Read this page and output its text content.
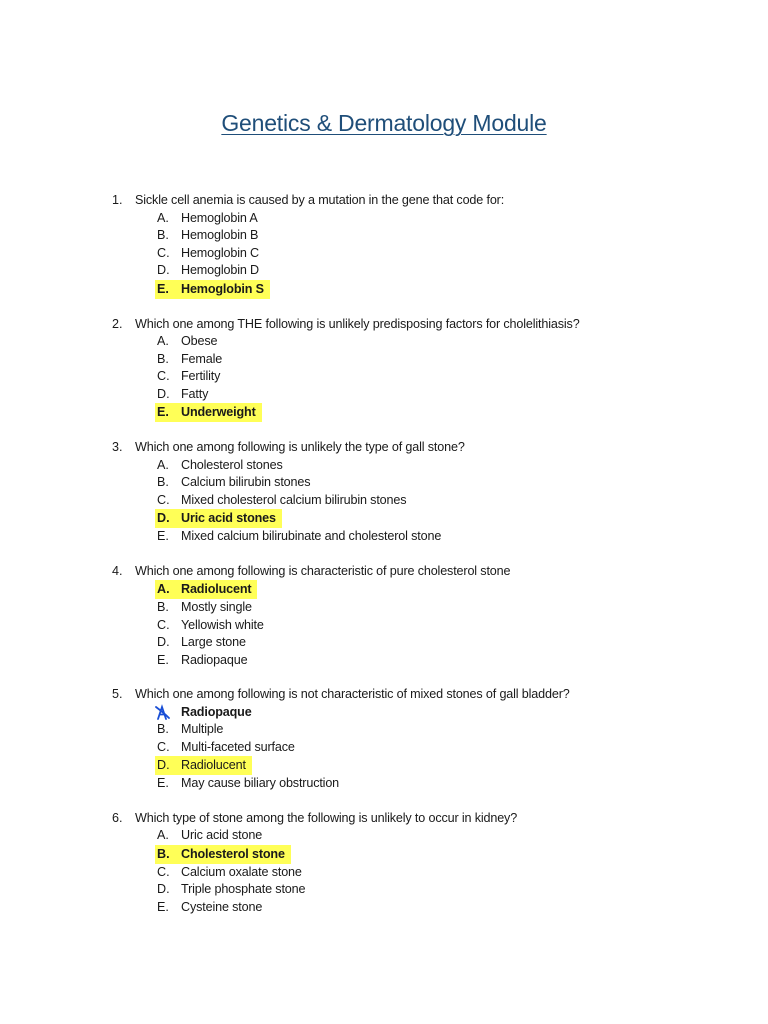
Genetics & Dermatology Module
1. Sickle cell anemia is caused by a mutation in the gene that code for:
A. Hemoglobin A
B. Hemoglobin B
C. Hemoglobin C
D. Hemoglobin D
E. Hemoglobin S
2. Which one among THE following is unlikely predisposing factors for cholelithiasis?
A. Obese
B. Female
C. Fertility
D. Fatty
E. Underweight
3. Which one among following is unlikely the type of gall stone?
A. Cholesterol stones
B. Calcium bilirubin stones
C. Mixed cholesterol calcium bilirubin stones
D. Uric acid stones
E. Mixed calcium bilirubinate and cholesterol stone
4. Which one among following is characteristic of pure cholesterol stone
A. Radiolucent
B. Mostly single
C. Yellowish white
D. Large stone
E. Radiopaque
5. Which one among following is not characteristic of mixed stones of gall bladder?
Radiopaque
B. Multiple
C. Multi-faceted surface
D. Radiolucent
E. May cause biliary obstruction
6. Which type of stone among the following is unlikely to occur in kidney?
A. Uric acid stone
B. Cholesterol stone
C. Calcium oxalate stone
D. Triple phosphate stone
E. Cysteine stone
